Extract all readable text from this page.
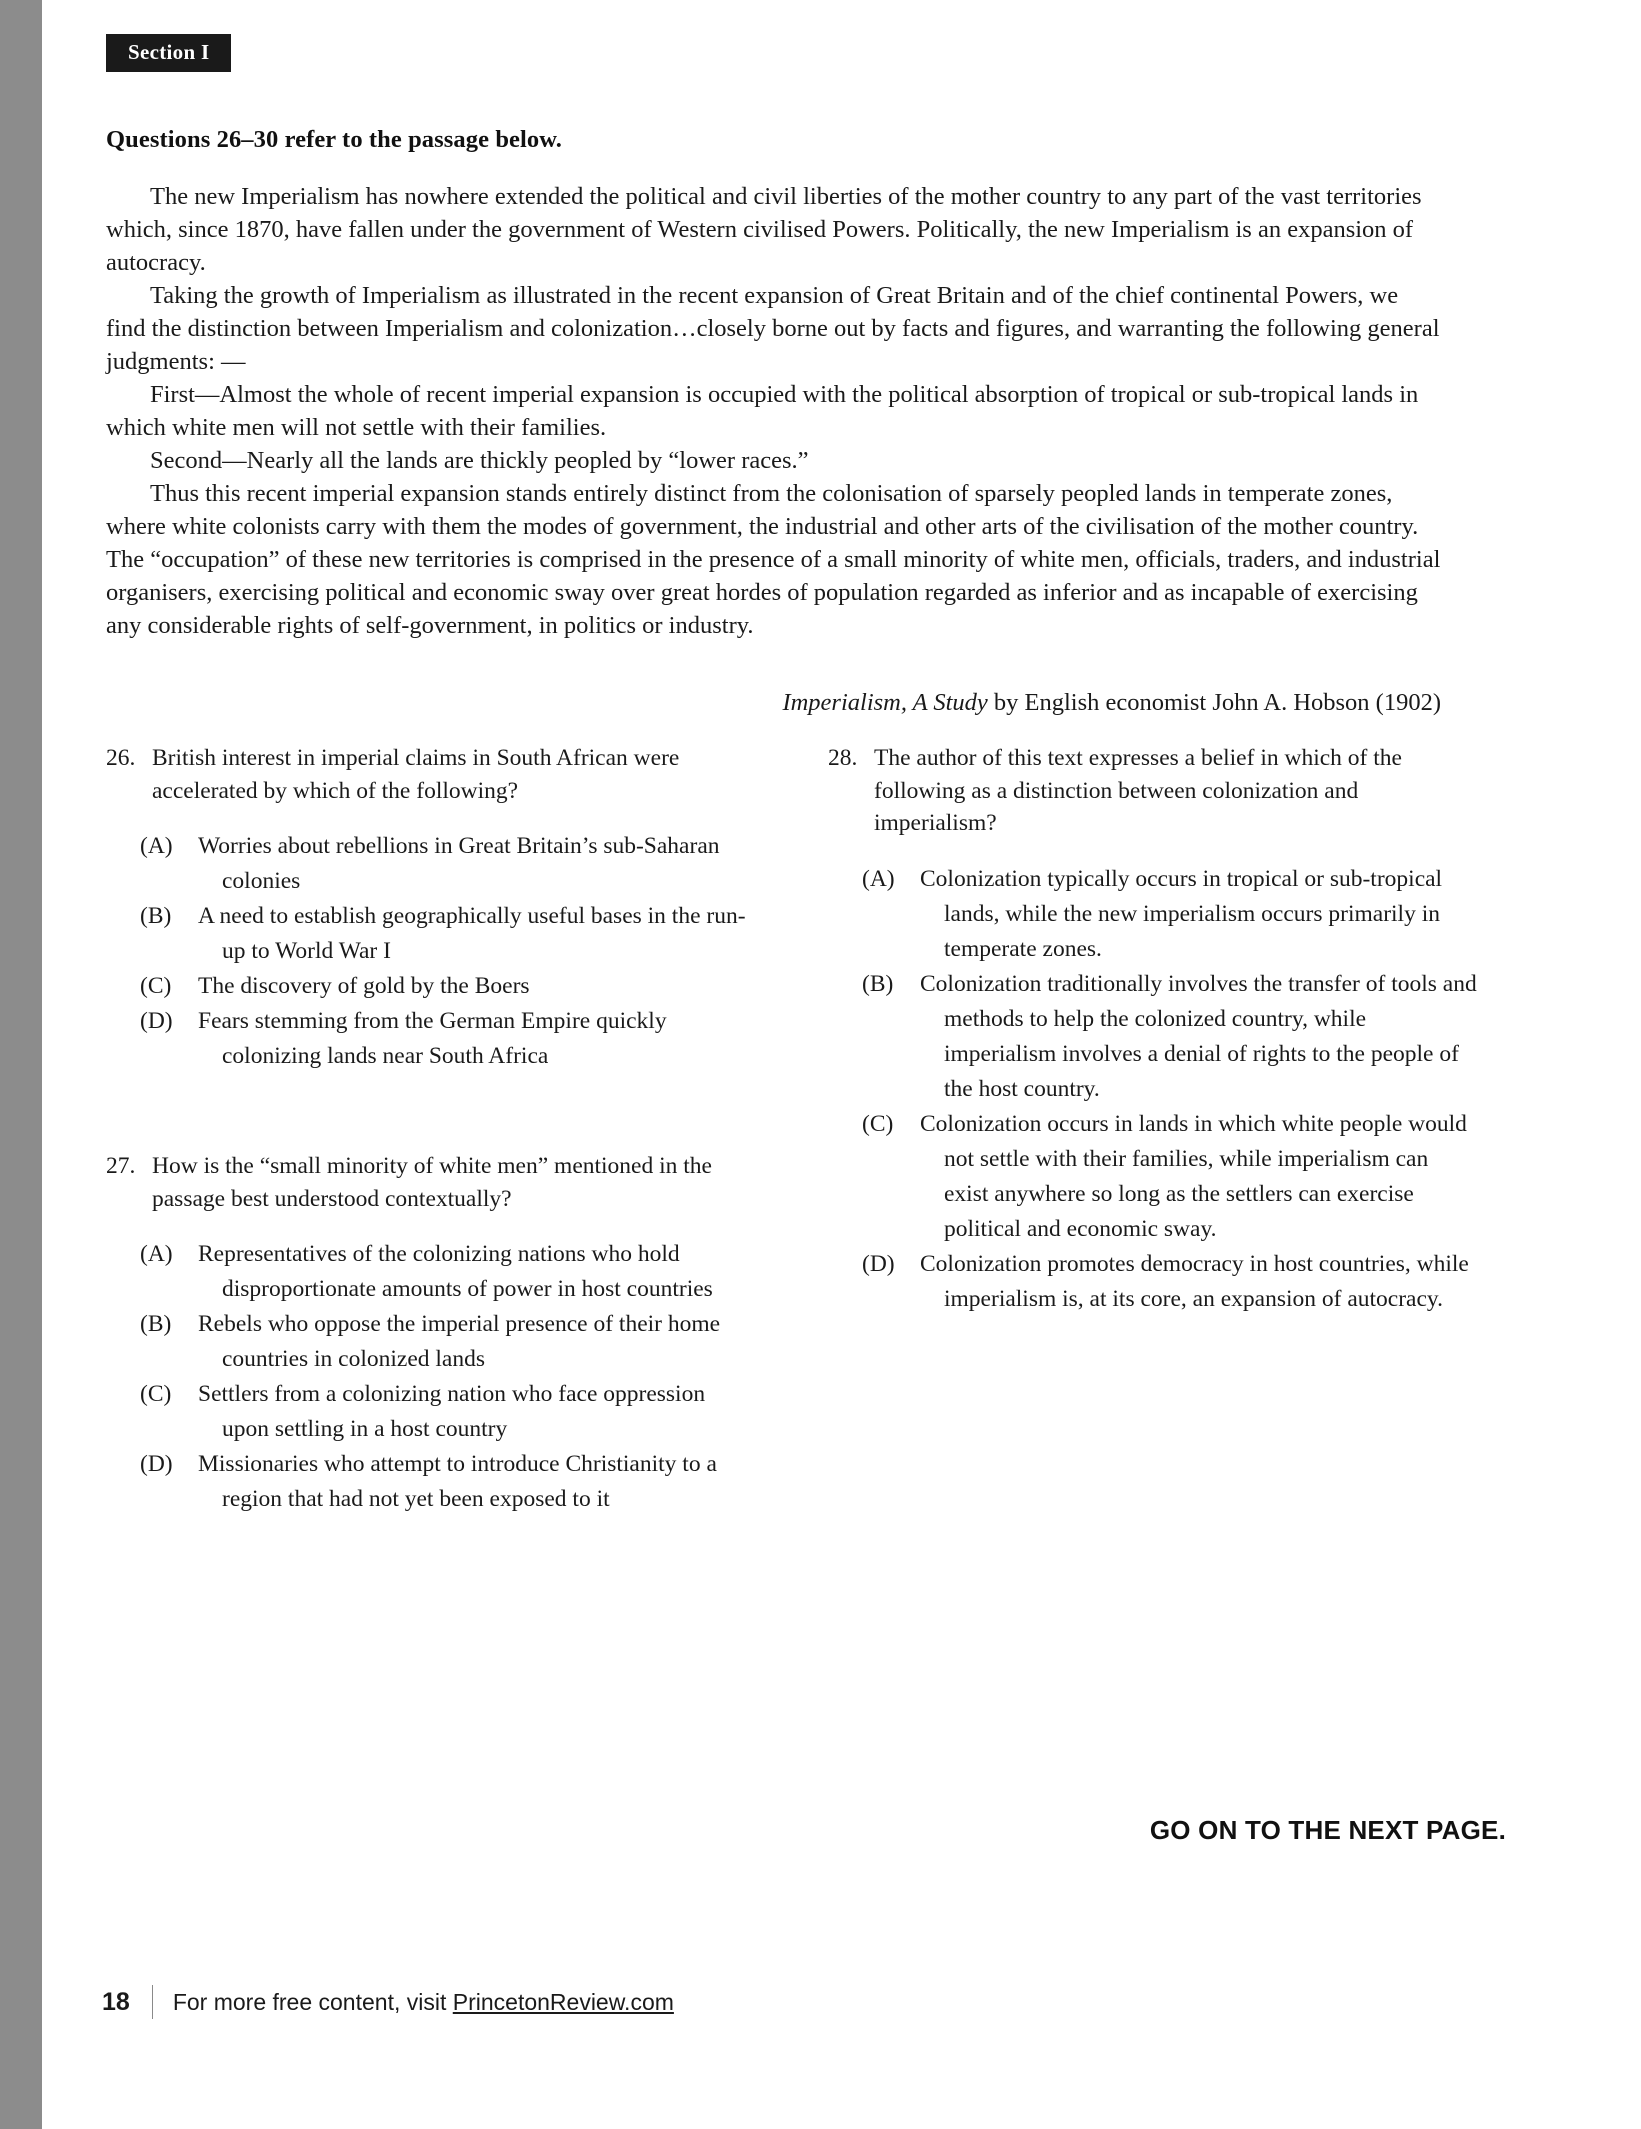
Section I
Questions 26–30 refer to the passage below.

The new Imperialism has nowhere extended the political and civil liberties of the mother country to any part of the vast territories which, since 1870, have fallen under the government of Western civilised Powers. Politically, the new Imperialism is an expansion of autocracy.

Taking the growth of Imperialism as illustrated in the recent expansion of Great Britain and of the chief continental Powers, we find the distinction between Imperialism and colonization…closely borne out by facts and figures, and warranting the following general judgments: —

First—Almost the whole of recent imperial expansion is occupied with the political absorption of tropical or sub-tropical lands in which white men will not settle with their families.

Second—Nearly all the lands are thickly peopled by “lower races.”

Thus this recent imperial expansion stands entirely distinct from the colonisation of sparsely peopled lands in temperate zones, where white colonists carry with them the modes of government, the industrial and other arts of the civilisation of the mother country. The “occupation” of these new territories is comprised in the presence of a small minority of white men, officials, traders, and industrial organisers, exercising political and economic sway over great hordes of population regarded as inferior and as incapable of exercising any considerable rights of self-government, in politics or industry.

Imperialism, A Study by English economist John A. Hobson (1902)
26. British interest in imperial claims in South African were accelerated by which of the following?
(A)	Worries about rebellions in Great Britain’s sub-Saharan colonies
(B)	A need to establish geographically useful bases in the run-up to World War I
(C)	The discovery of gold by the Boers
(D)	Fears stemming from the German Empire quickly colonizing lands near South Africa
27. How is the “small minority of white men” mentioned in the passage best understood contextually?
(A)	Representatives of the colonizing nations who hold disproportionate amounts of power in host countries
(B)	Rebels who oppose the imperial presence of their home countries in colonized lands
(C)	Settlers from a colonizing nation who face oppression upon settling in a host country
(D)	Missionaries who attempt to introduce Christianity to a region that had not yet been exposed to it
28. The author of this text expresses a belief in which of the following as a distinction between colonization and imperialism?
(A)	Colonization typically occurs in tropical or sub-tropical lands, while the new imperialism occurs primarily in temperate zones.
(B)	Colonization traditionally involves the transfer of tools and methods to help the colonized country, while imperialism involves a denial of rights to the people of the host country.
(C)	Colonization occurs in lands in which white people would not settle with their families, while imperialism can exist anywhere so long as the settlers can exercise political and economic sway.
(D)	Colonization promotes democracy in host countries, while imperialism is, at its core, an expansion of autocracy.
GO ON TO THE NEXT PAGE.
18 For more free content, visit PrincetonReview.com
